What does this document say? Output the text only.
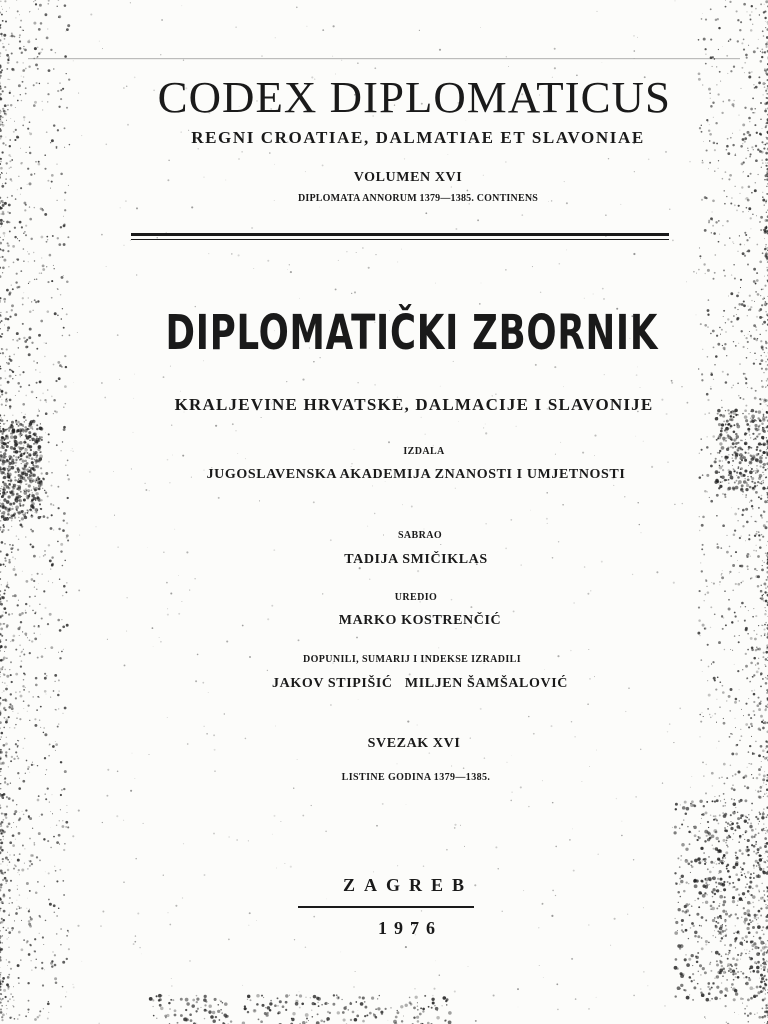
CODEX DIPLOMATICUS
REGNI CROATIAE, DALMATIAE ET SLAVONIAE
VOLUMEN XVI
DIPLOMATA ANNORUM 1379—1385. CONTINENS
DIPLOMATIČKI ZBORNIK
KRALJEVINE HRVATSKE, DALMACIJE I SLAVONIJE
IZDALA
JUGOSLAVENSKA AKADEMIJA ZNANOSTI I UMJETNOSTI
SABRAO
TADIJA SMIČIKLAS
UREDIO
MARKO KOSTRENČIĆ
DOPUNILI, SUMARIJ I INDEKSE IZRADILI
JAKOV STIPIŠIĆ   MILJEN ŠAMŠALOVIĆ
SVEZAK XVI
LISTINE GODINA 1379—1385.
ZAGREB
1976
